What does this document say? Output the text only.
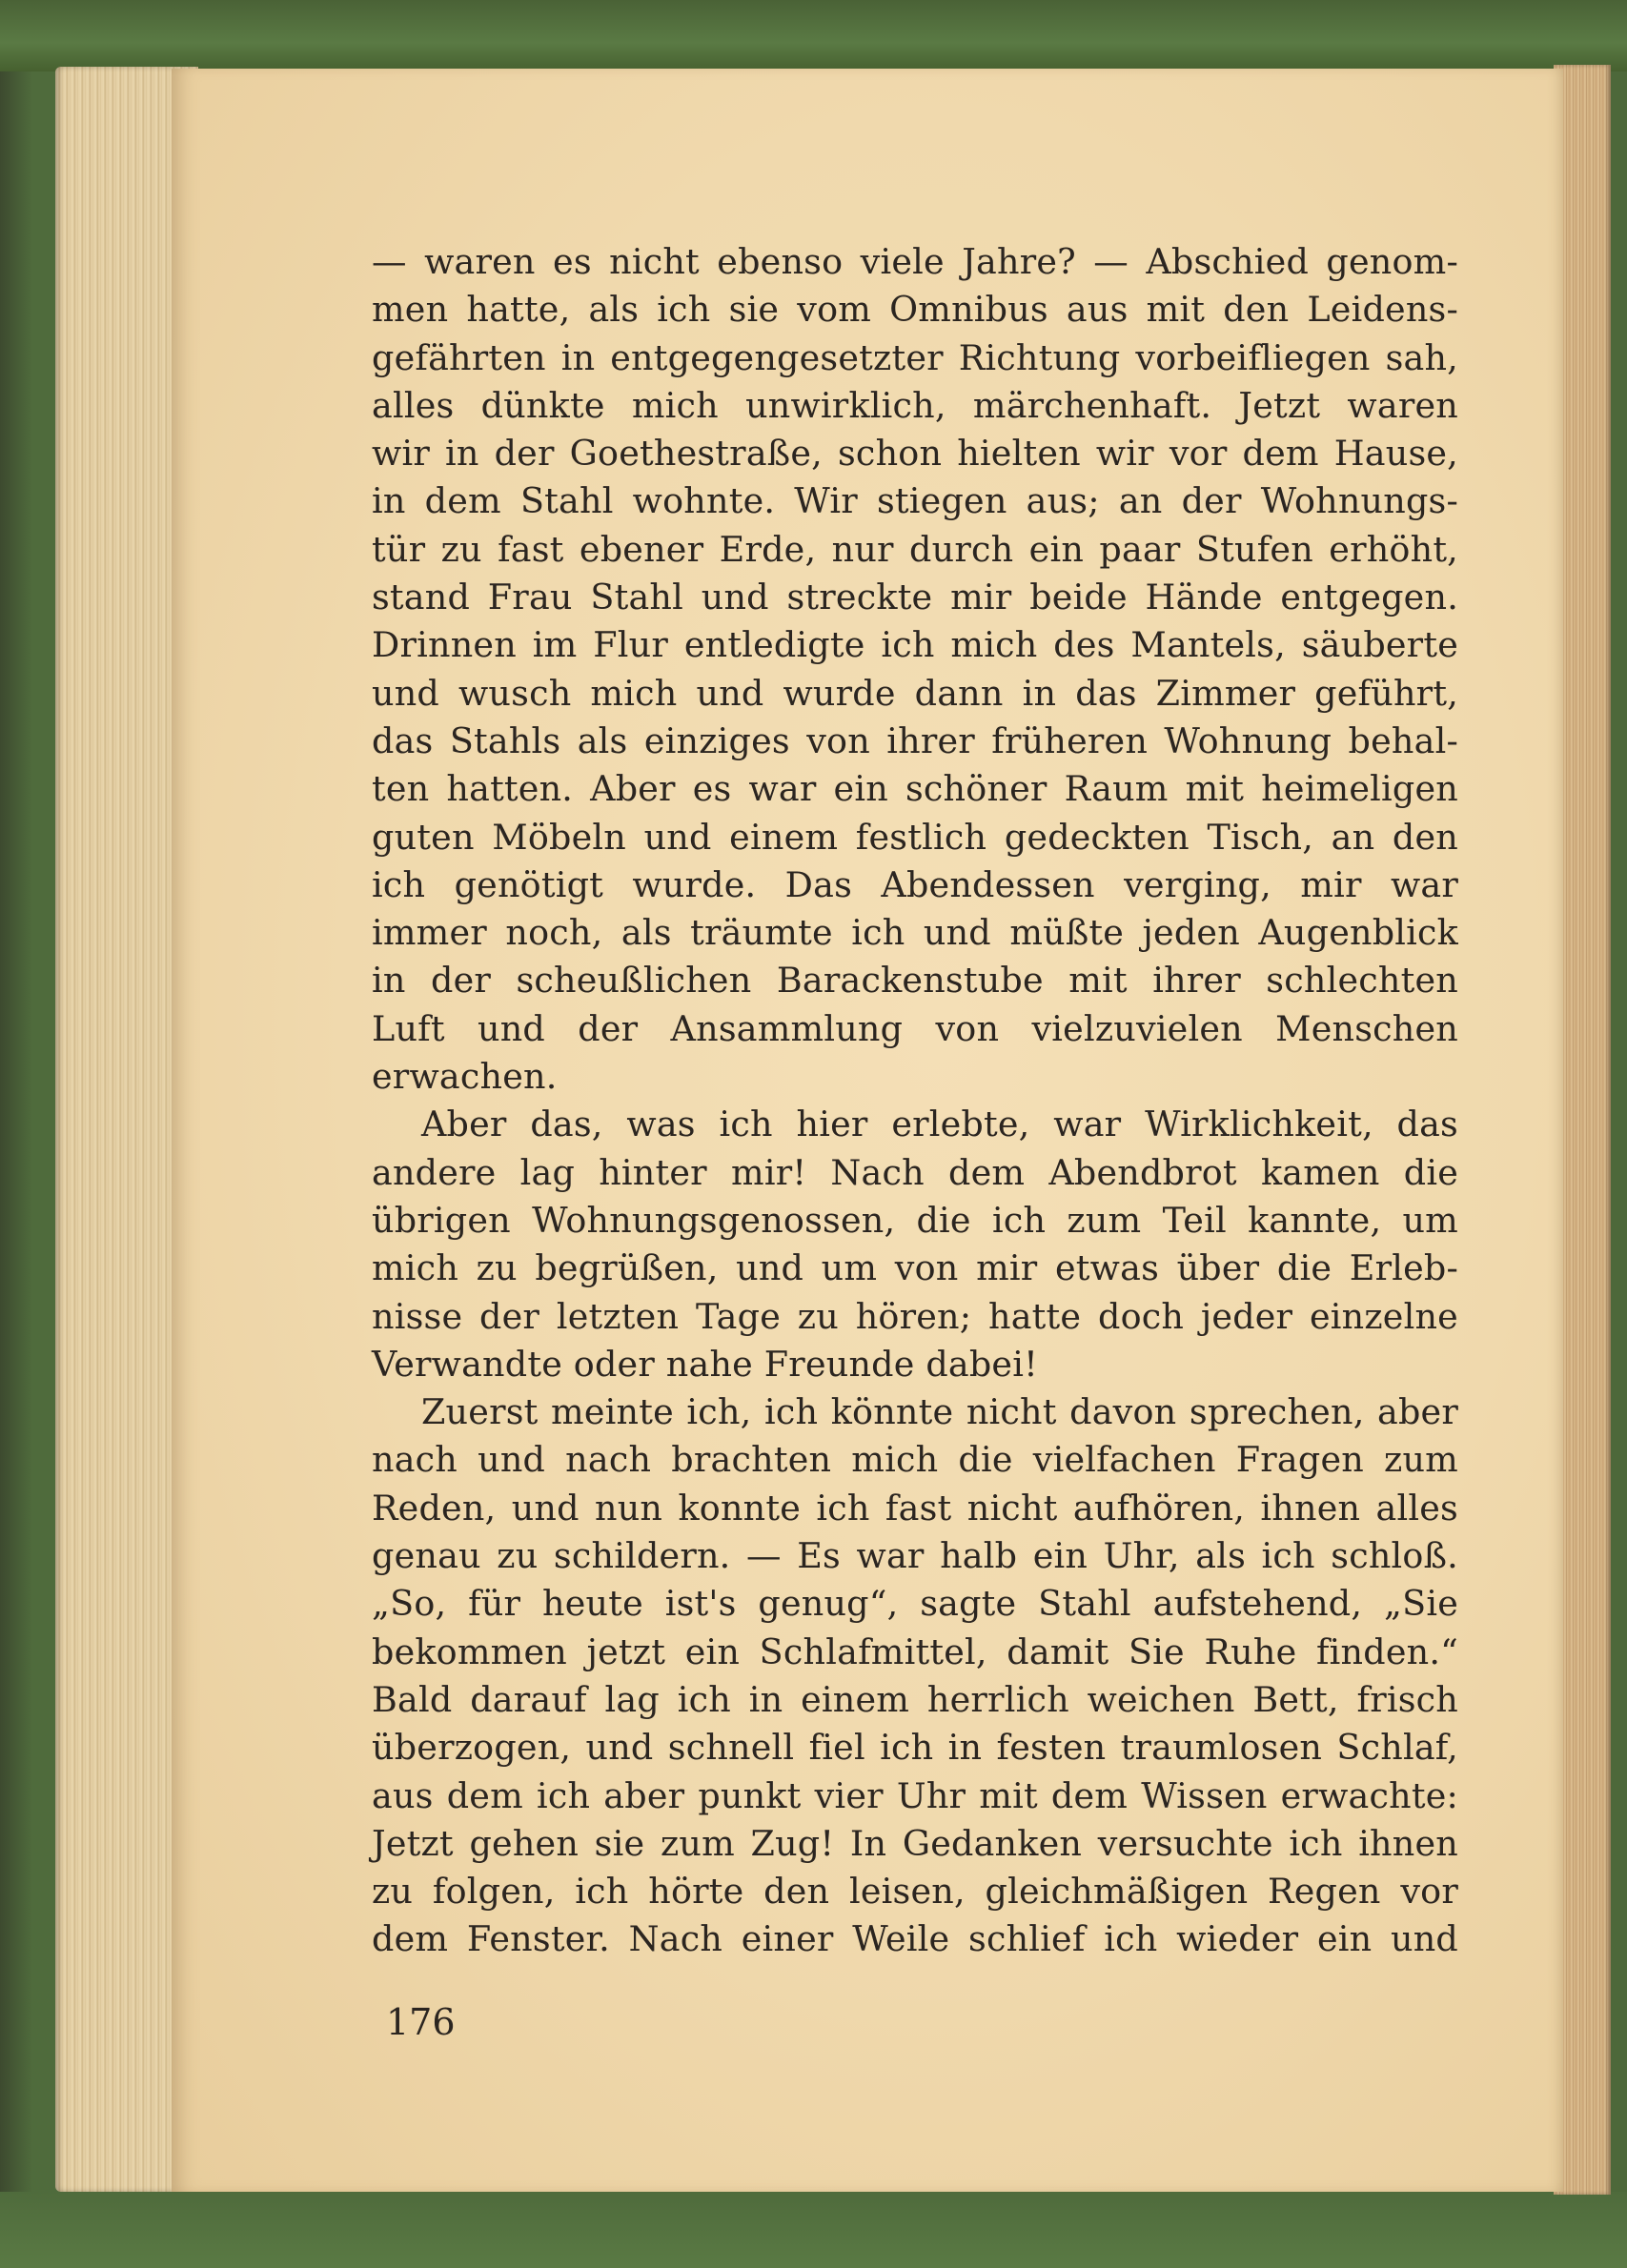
— waren es nicht ebenso viele Jahre? — Abschied genom-
men hatte, als ich sie vom Omnibus aus mit den Leidens-
gefährten in entgegengesetzter Richtung vorbeifliegen sah,
alles dünkte mich unwirklich, märchenhaft. Jetzt waren
wir in der Goethestraße, schon hielten wir vor dem Hause,
in dem Stahl wohnte. Wir stiegen aus; an der Wohnungs-
tür zu fast ebener Erde, nur durch ein paar Stufen erhöht,
stand Frau Stahl und streckte mir beide Hände entgegen.
Drinnen im Flur entledigte ich mich des Mantels, säuberte
und wusch mich und wurde dann in das Zimmer geführt,
das Stahls als einziges von ihrer früheren Wohnung behal-
ten hatten. Aber es war ein schöner Raum mit heimeligen
guten Möbeln und einem festlich gedeckten Tisch, an den
ich genötigt wurde. Das Abendessen verging, mir war
immer noch, als träumte ich und müßte jeden Augenblick
in der scheußlichen Barackenstube mit ihrer schlechten
Luft und der Ansammlung von vielzuvielen Menschen
erwachen.
Aber das, was ich hier erlebte, war Wirklichkeit, das
andere lag hinter mir! Nach dem Abendbrot kamen die
übrigen Wohnungsgenossen, die ich zum Teil kannte, um
mich zu begrüßen, und um von mir etwas über die Erleb-
nisse der letzten Tage zu hören; hatte doch jeder einzelne
Verwandte oder nahe Freunde dabei!
Zuerst meinte ich, ich könnte nicht davon sprechen, aber
nach und nach brachten mich die vielfachen Fragen zum
Reden, und nun konnte ich fast nicht aufhören, ihnen alles
genau zu schildern. — Es war halb ein Uhr, als ich schloß.
„So, für heute ist's genug“, sagte Stahl aufstehend, „Sie
bekommen jetzt ein Schlafmittel, damit Sie Ruhe finden.“
Bald darauf lag ich in einem herrlich weichen Bett, frisch
überzogen, und schnell fiel ich in festen traumlosen Schlaf,
aus dem ich aber punkt vier Uhr mit dem Wissen erwachte:
Jetzt gehen sie zum Zug! In Gedanken versuchte ich ihnen
zu folgen, ich hörte den leisen, gleichmäßigen Regen vor
dem Fenster. Nach einer Weile schlief ich wieder ein und
176
